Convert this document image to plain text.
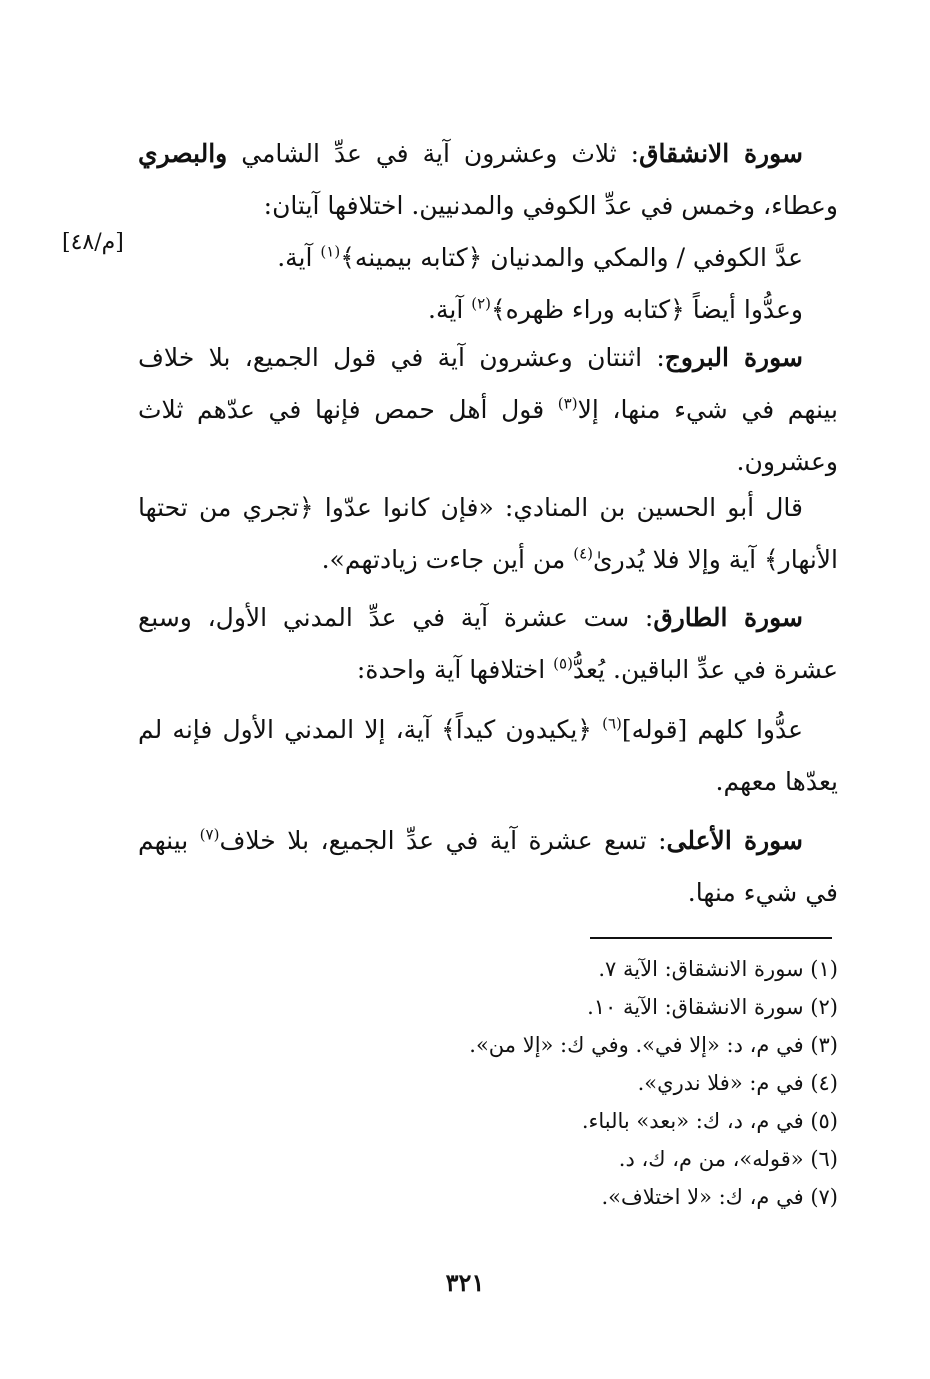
[م/٤٨]

سورة الانشقاق: ثلاث وعشرون آية في عدِّ الشامي والبصري وعطاء، وخمس في عدِّ الكوفي والمدنيين. اختلافها آيتان:

عدَّ الكوفي / والمكي والمدنيان ﴿كتابه بيمينه﴾$^{(١)}$ آية.

وعدُّوا أيضاً ﴿كتابه وراء ظهره﴾$^{(٢)}$ آية.

سورة البروج: اثنتان وعشرون آية في قول الجميع، بلا خلاف بينهم في شيء منها، إلا$^{(٣)}$ قول أهل حمص فإنها في عدّهم ثلاث وعشرون.

قال أبو الحسين بن المنادي: «فإن كانوا عدّوا ﴿تجري من تحتها الأنهار﴾ آية وإلا فلا يُدرىٰ$^{(٤)}$ من أين جاءت زيادتهم».

سورة الطارق: ست عشرة آية في عدِّ المدني الأول، وسبع عشرة في عدِّ الباقين. يُعدُّ$^{(٥)}$ اختلافها آية واحدة:

عدُّوا كلهم [قوله]$^{(٦)}$ ﴿يكيدون كيداً﴾ آية، إلا المدني الأول فإنه لم يعدّها معهم.

سورة الأعلى: تسع عشرة آية في عدِّ الجميع، بلا خلاف$^{(٧)}$ بينهم في شيء منها.

(١) سورة الانشقاق: الآية ٧.

(٢) سورة الانشقاق: الآية ١٠.

(٣) في م، د: «إلا في». وفي ك: «إلا من».

(٤) في م: «فلا ندري».

(٥) في م، د، ك: «بعد» بالباء.

(٦) «قوله»، من م، ك، د.

(٧) في م، ك: «لا اختلاف».

٣٢١
